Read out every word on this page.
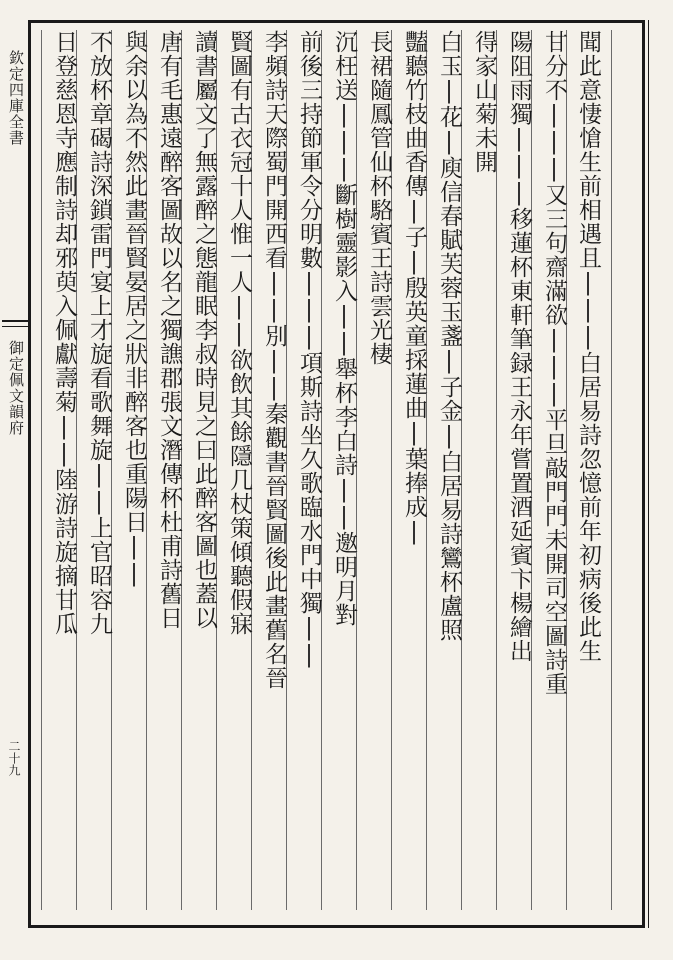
欽定四庫全書
御定佩文韻府
二十九
聞此意悽愴生前相遇且|||白居易詩忽憶前年初病後此生
甘分不|||又三句齋滿欲|||平旦敲門門未開司空圖詩重
陽阻雨獨|||移蓮杯東軒筆録王永年嘗置酒延賓卞楊繪出
得家山菊未開
白玉|花|庾信春賦芙蓉玉盞|子金|白居易詩鸞杯盧照
豔聽竹枝曲香傳|子|殷英童採蓮曲|葉捧成|
長裙隨鳳管仙杯駱賓王詩雲光棲
沉枉送|||斷樹靈影入||舉杯李白詩||邀明月對
前後三持節軍令分明數|||項斯詩坐久歌臨水門中獨||
李頻詩天際蜀門開西看||別||秦觀書晉賢圖後此畫舊名晉
賢圖有古衣冠十人惟一人||欲飲其餘隱几杖策傾聽假寐
讀書屬文了無露醉之態龍眠李叔時見之曰此醉客圖也蓋以
唐有毛惠遠醉客圖故以名之獨譙郡張文潛傳杯杜甫詩舊日
與余以為不然此畫晉賢晏居之狀非醉客也重陽日||
不放杯章碣詩深鎖雷門宴上才旋看歌舞旋||上官昭容九
日登慈恩寺應制詩却邪萸入佩獻壽菊||陸游詩旋摘甘瓜
